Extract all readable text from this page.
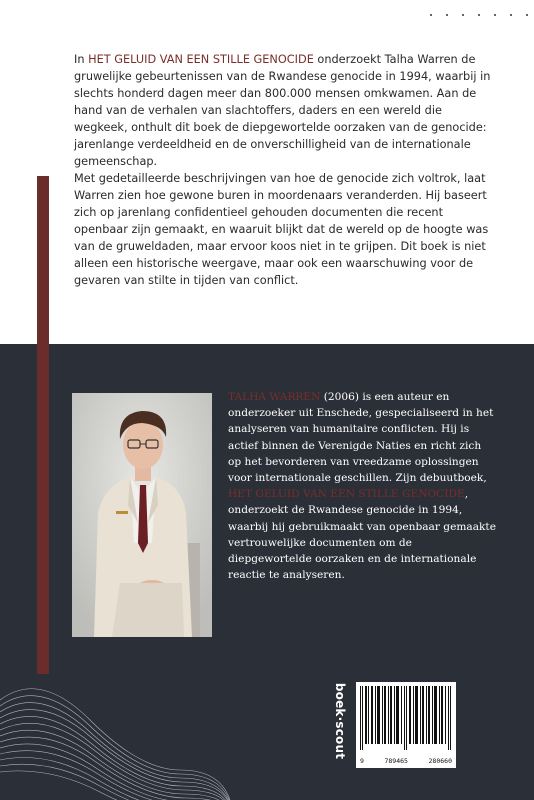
In HET GELUID VAN EEN STILLE GENOCIDE onderzoekt Talha Warren de gruwelijke gebeurtenissen van de Rwandese genocide in 1994, waarbij in slechts honderd dagen meer dan 800.000 mensen omkwamen. Aan de hand van de verhalen van slachtoffers, daders en een wereld die wegkeek, onthult dit boek de diepgewortelde oorzaken van de genocide: jarenlange verdeeldheid en de onverschilligheid van de internationale gemeenschap.

Met gedetailleerde beschrijvingen van hoe de genocide zich voltrok, laat Warren zien hoe gewone buren in moordenaars veranderden. Hij baseert zich op jarenlang confidentieel gehouden documenten die recent openbaar zijn gemaakt, en waaruit blijkt dat de wereld op de hoogte was van de gruweldaden, maar ervoor koos niet in te grijpen. Dit boek is niet alleen een historische weergave, maar ook een waarschuwing voor de gevaren van stilte in tijden van conflict.

TALHA WARREN (2006) is een auteur en onderzoeker uit Enschede, gespecialiseerd in het analyseren van humanitaire conflicten. Hij is actief binnen de Verenigde Naties en richt zich op het bevorderen van vreedzame oplossingen voor internationale geschillen. Zijn debuutboek, HET GELUID VAN EEN STILLE GENOCIDE, onderzoekt de Rwandese genocide in 1994, waarbij hij gebruikmaakt van openbaar gemaakte vertrouwelijke documenten om de diepgewortelde oorzaken en de internationale reactie te analyseren.
boek·scout
9	789465	280660
